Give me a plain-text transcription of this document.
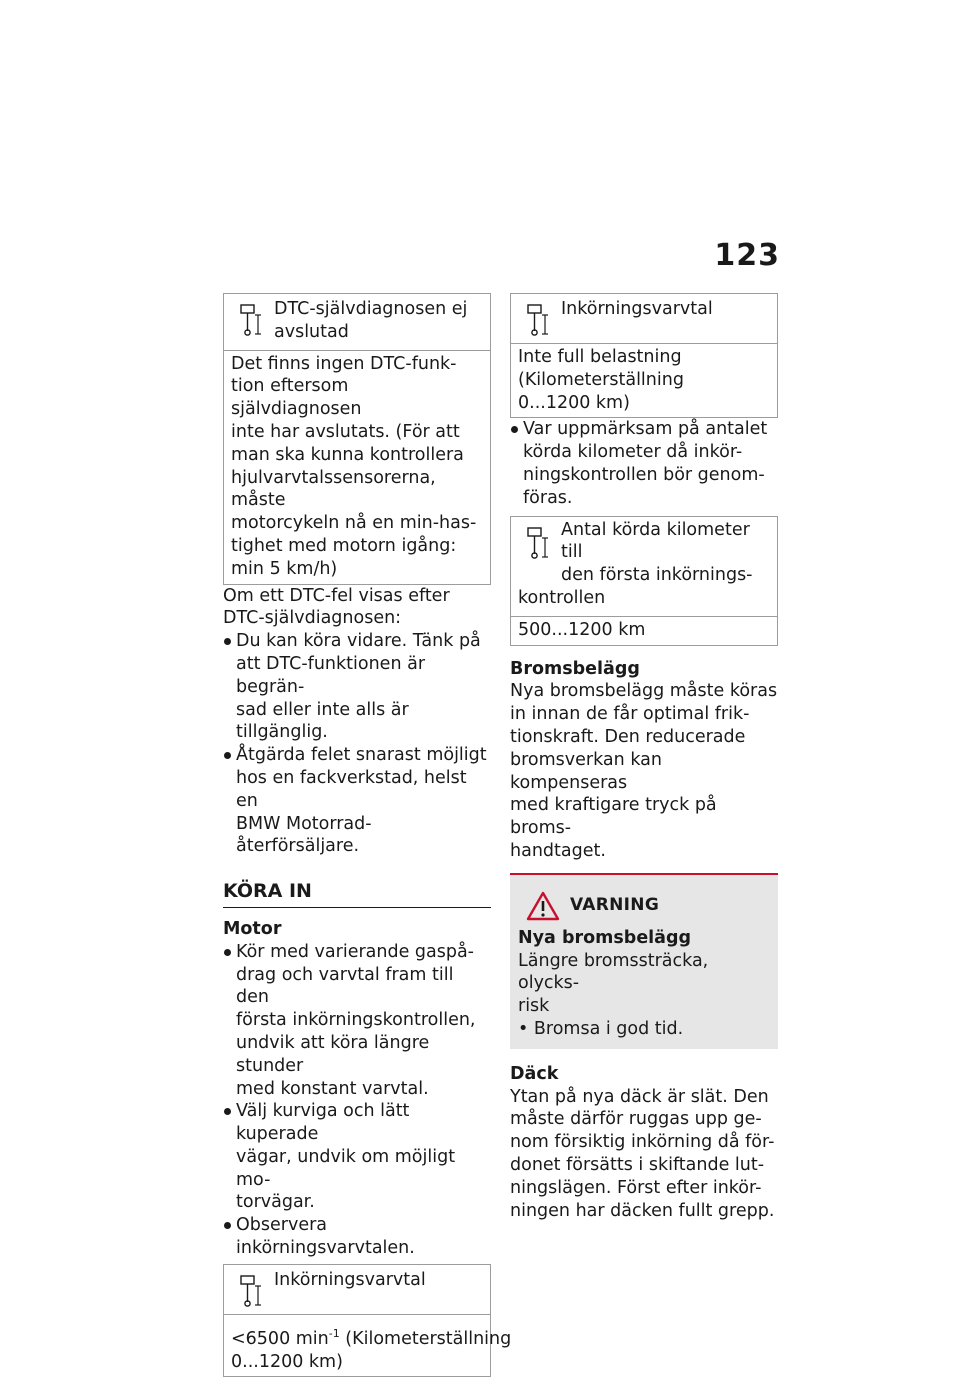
123

DTC-självdiagnosen ej

avslutad

Det finns ingen DTC-funk-

tion eftersom självdiagnosen

inte har avslutats. (För att

man ska kunna kontrollera

hjulvarvtalssensorerna, måste

motorcykeln nå en min-has-

tighet med motorn igång:

min 5 km/h)

Om ett DTC-fel visas efter

DTC-självdiagnosen:

Du kan köra vidare. Tänk på

att DTC-funktionen är begrän-

sad eller inte alls är tillgänglig.

Åtgärda felet snarast möjligt

hos en fackverkstad, helst en

BMW Motorrad-återförsäljare.

KÖRA IN

Motor

Kör med varierande gaspå-

drag och varvtal fram till den

första inkörningskontrollen,

undvik att köra längre stunder

med konstant varvtal.

Välj kurviga och lätt kuperade

vägar, undvik om möjligt mo-

torvägar.

Observera inkörningsvarvtalen.

Inkörningsvarvtal

<6500 $\min^{-1}$ (Kilometerställning

0...1200 km)

Inkörningsvarvtal

Inte full belastning

(Kilometerställning

0...1200 km)

Var uppmärksam på antalet

körda kilometer då inkör-

ningskontrollen bör genom-

föras.

Antal körda kilometer till

den första inkörnings-

kontrollen

500...1200 km

Bromsbelägg

Nya bromsbelägg måste köras

in innan de får optimal frik-

tionskraft. Den reducerade

bromsverkan kan kompenseras

med kraftigare tryck på broms-

handtaget.

VARNING

Nya bromsbelägg

Längre bromssträcka, olycks-

risk

• Bromsa i god tid.

Däck

Ytan på nya däck är slät. Den

måste därför ruggas upp ge-

nom försiktig inkörning då för-

donet försätts i skiftande lut-

ningslägen. Först efter inkör-

ningen har däcken fullt grepp.
